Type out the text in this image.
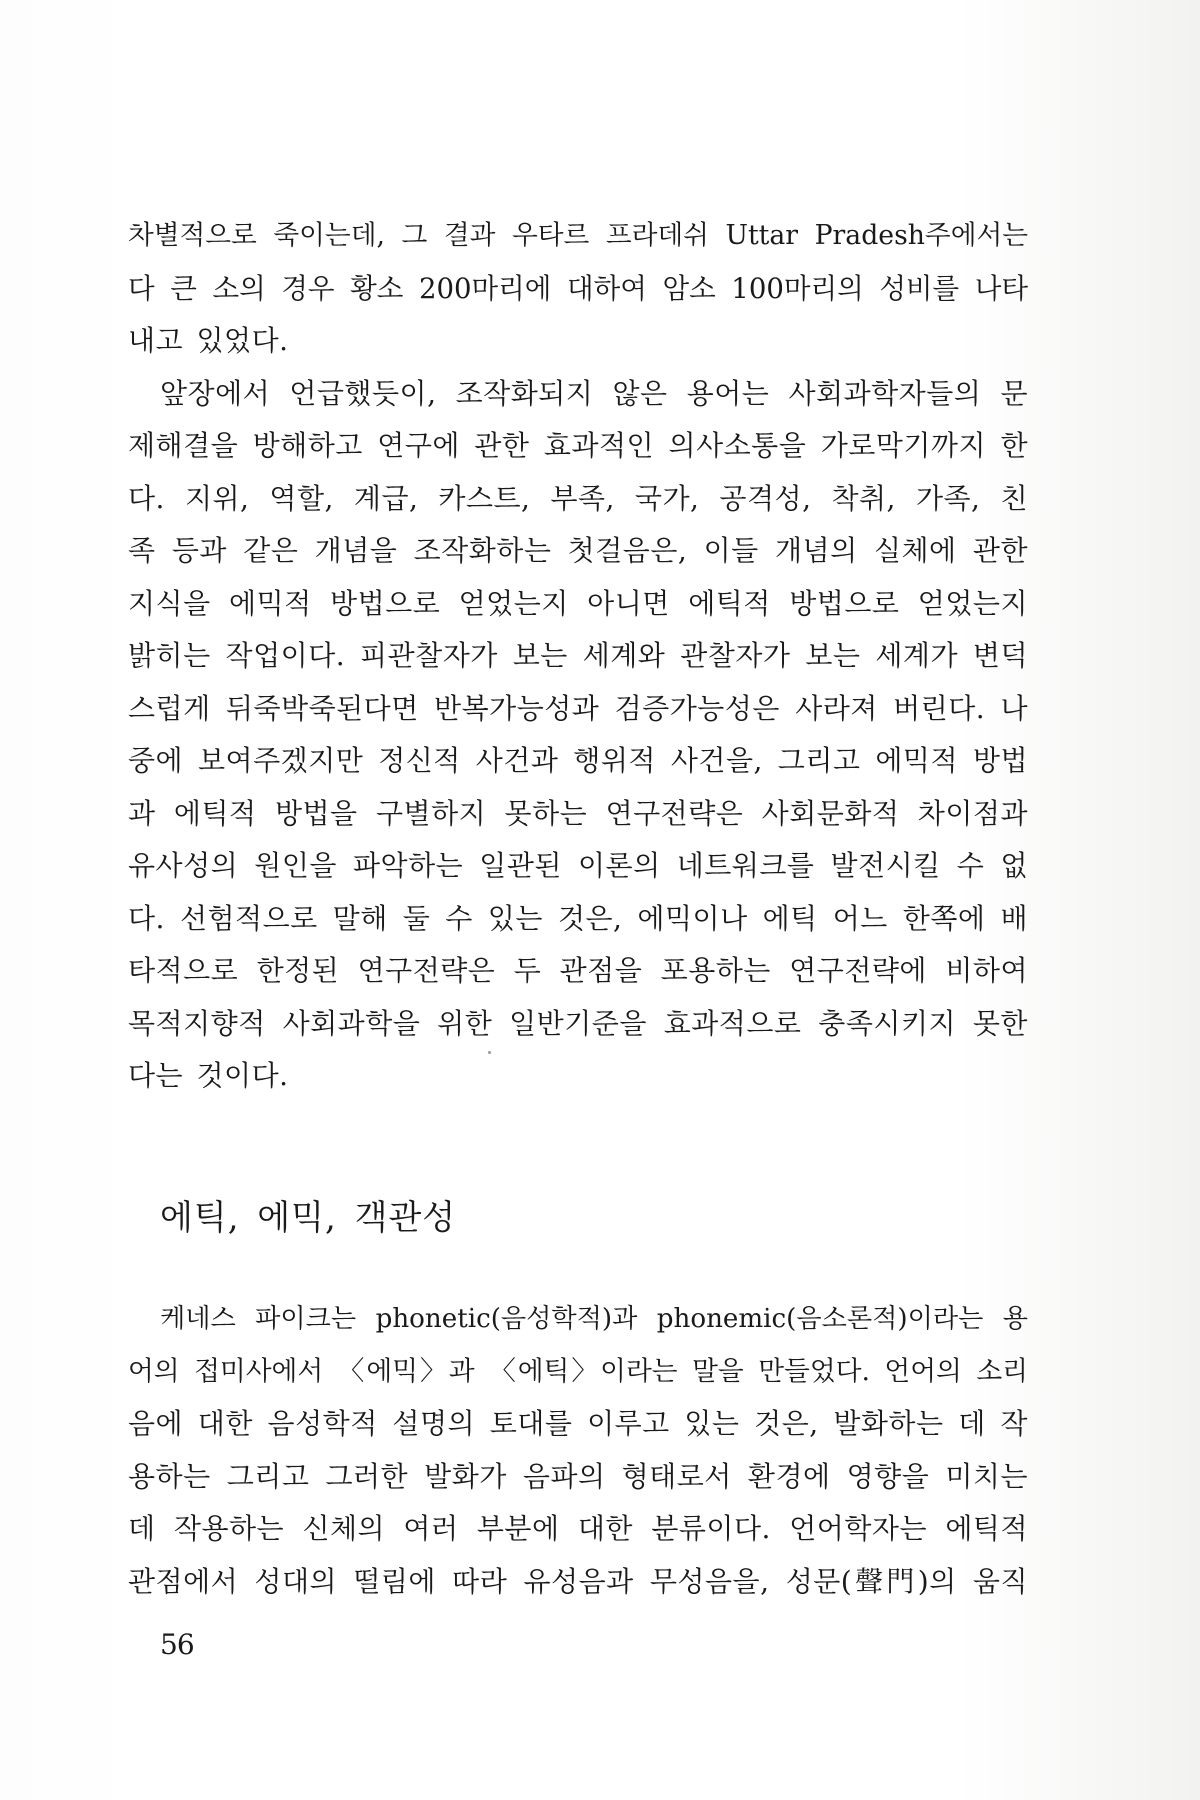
차별적으로 죽이는데, 그 결과 우타르 프라데쉬 Uttar Pradesh주에서는
다 큰 소의 경우 황소 200마리에 대하여 암소 100마리의 성비를 나타
내고 있었다.

앞장에서 언급했듯이, 조작화되지 않은 용어는 사회과학자들의 문
제해결을 방해하고 연구에 관한 효과적인 의사소통을 가로막기까지 한
다. 지위, 역할, 계급, 카스트, 부족, 국가, 공격성, 착취, 가족, 친
족 등과 같은 개념을 조작화하는 첫걸음은, 이들 개념의 실체에 관한
지식을 에믹적 방법으로 얻었는지 아니면 에틱적 방법으로 얻었는지
밝히는 작업이다. 피관찰자가 보는 세계와 관찰자가 보는 세계가 변덕
스럽게 뒤죽박죽된다면 반복가능성과 검증가능성은 사라져 버린다. 나
중에 보여주겠지만 정신적 사건과 행위적 사건을, 그리고 에믹적 방법
과 에틱적 방법을 구별하지 못하는 연구전략은 사회문화적 차이점과
유사성의 원인을 파악하는 일관된 이론의 네트워크를 발전시킬 수 없
다. 선험적으로 말해 둘 수 있는 것은, 에믹이나 에틱 어느 한쪽에 배
타적으로 한정된 연구전략은 두 관점을 포용하는 연구전략에 비하여
목적지향적 사회과학을 위한 일반기준을 효과적으로 충족시키지 못한
다는 것이다.

에틱, 에믹, 객관성

케네스 파이크는 phonetic(음성학적)과 phonemic(음소론적)이라는 용
어의 접미사에서 〈에믹〉과 〈에틱〉이라는 말을 만들었다. 언어의 소리
음에 대한 음성학적 설명의 토대를 이루고 있는 것은, 발화하는 데 작
용하는 그리고 그러한 발화가 음파의 형태로서 환경에 영향을 미치는
데 작용하는 신체의 여러 부분에 대한 분류이다. 언어학자는 에틱적
관점에서 성대의 떨림에 따라 유성음과 무성음을, 성문(聲門)의 움직

56
